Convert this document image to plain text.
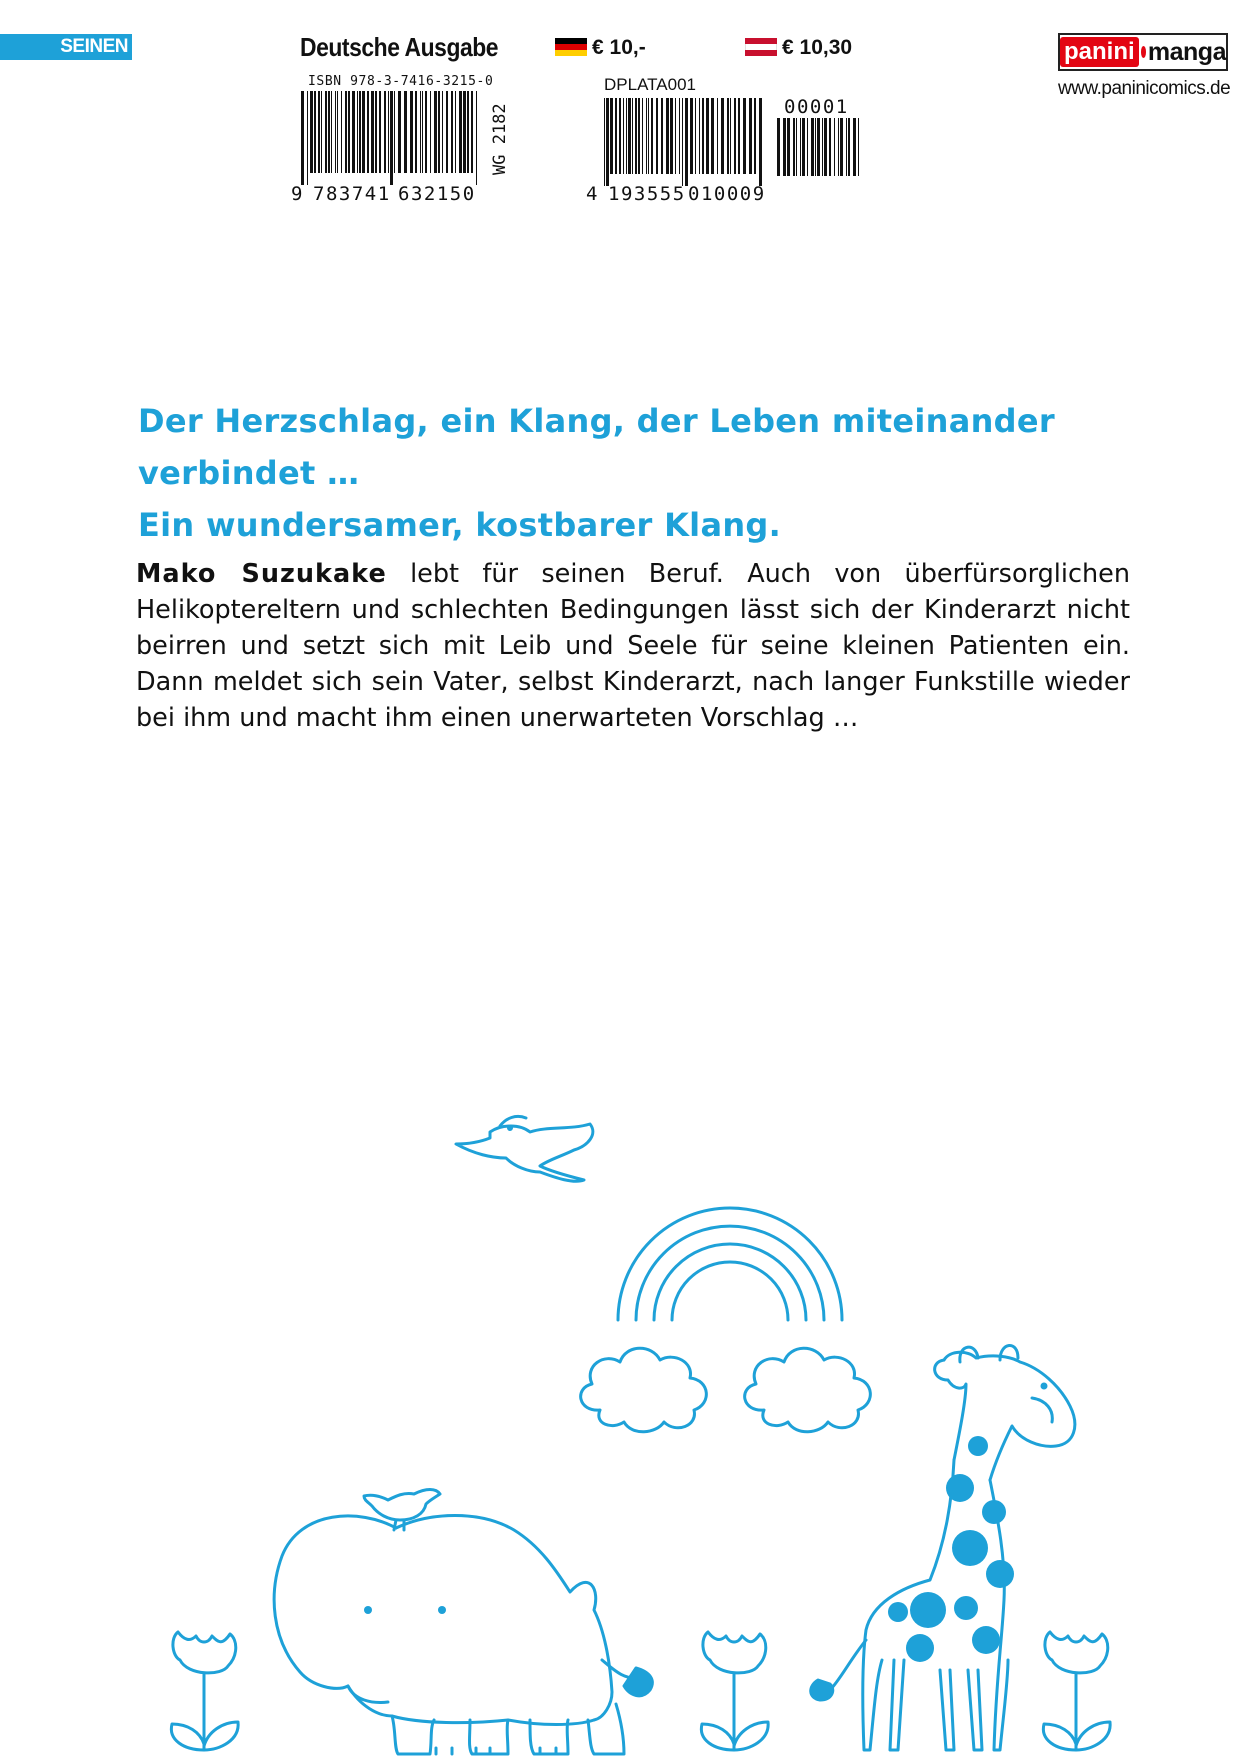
SEINEN	Deutsche Ausgabe	€ 10,-	€ 10,30
ISBN 978-3-7416-3215-0
9 783741 632150
WG 2182
DPLATA001
4 193555 010009
00001
panini manga
www.paninicomics.de
Der Herzschlag, ein Klang, der Leben miteinander verbindet …
Ein wundersamer, kostbarer Klang.
Mako Suzukake lebt für seinen Beruf. Auch von überfürsorglichen Helikoptereltern und schlechten Bedingungen lässt sich der Kinderarzt nicht beirren und setzt sich mit Leib und Seele für seine kleinen Patienten ein. Dann meldet sich sein Vater, selbst Kinderarzt, nach langer Funkstille wieder bei ihm und macht ihm einen unerwarteten Vorschlag …
